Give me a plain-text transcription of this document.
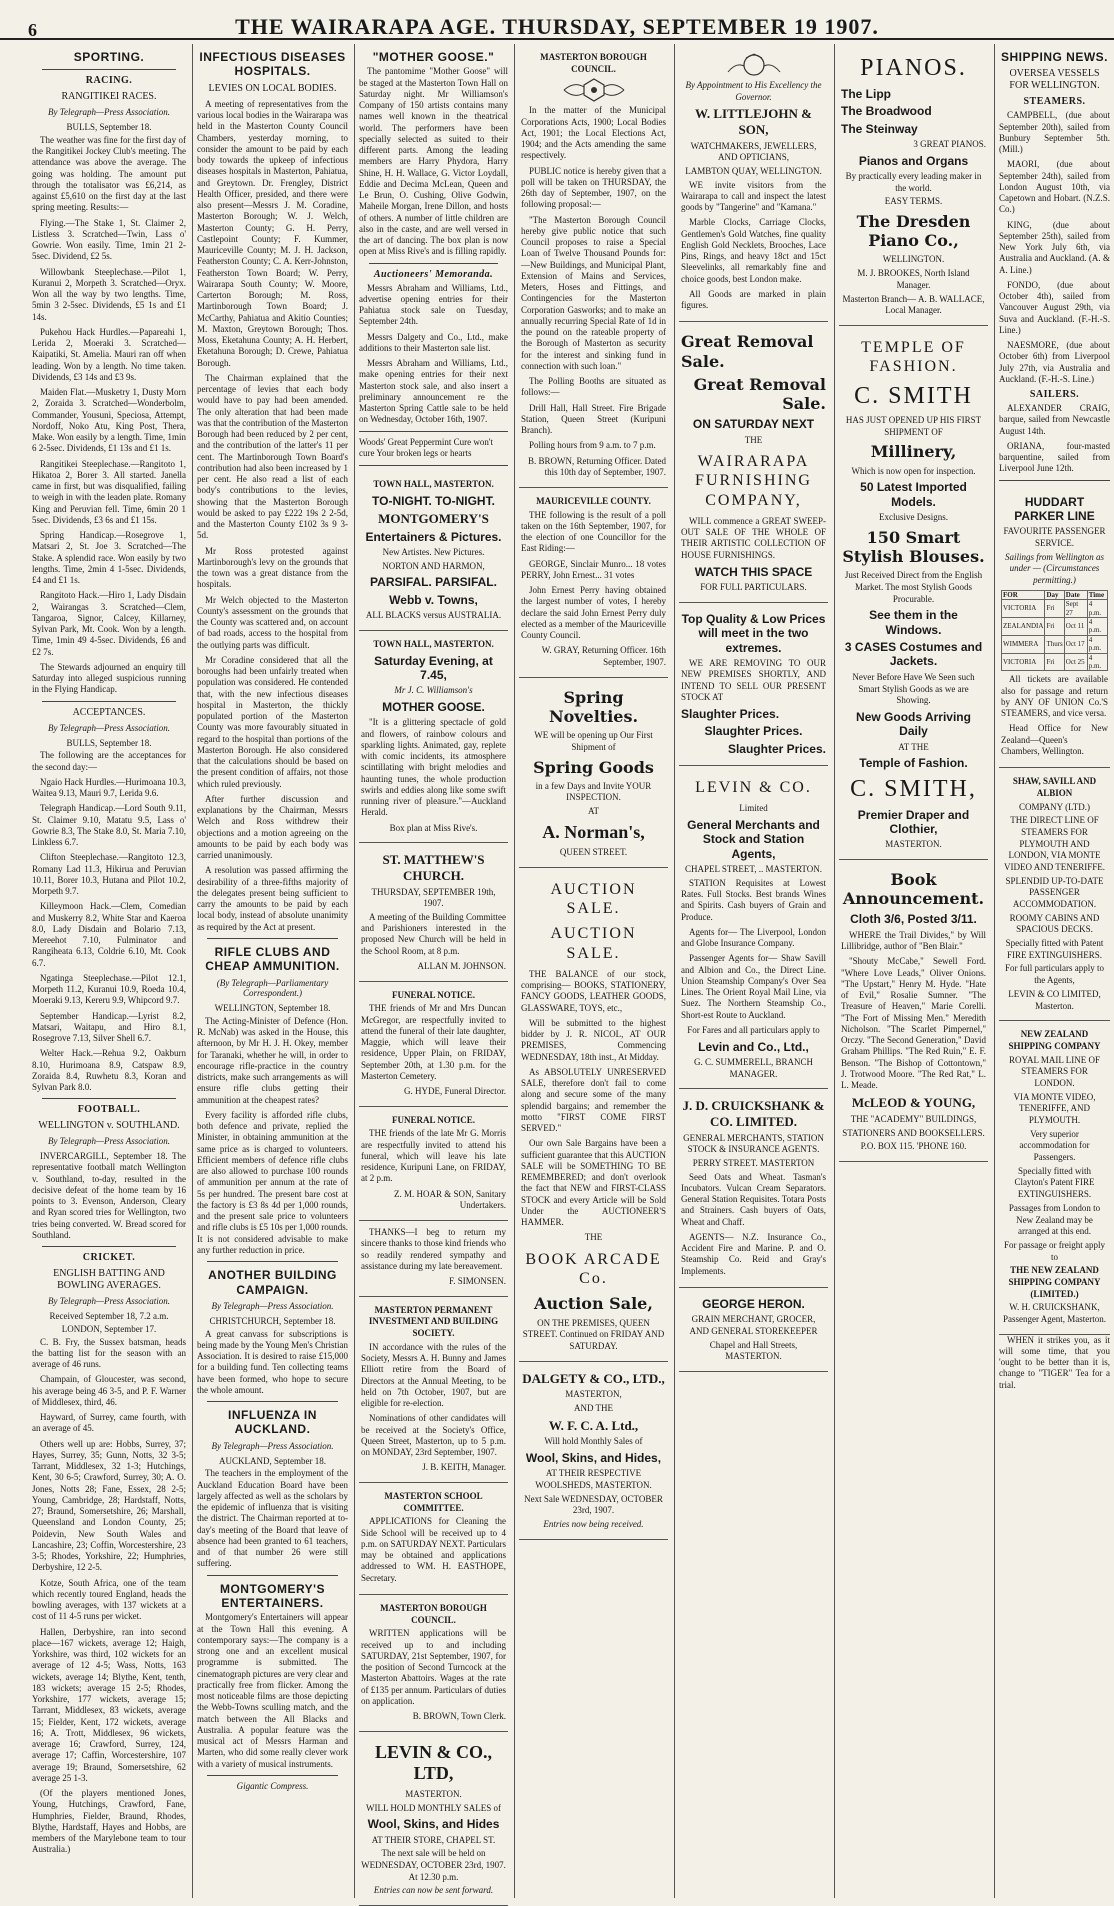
6	THE WAIRARAPA AGE. THURSDAY, SEPTEMBER 19 1907.
SPORTING.
RACING.
RANGITIKEI RACES.
By Telegraph—Press Association.
BULLS, September 18.

The weather was fine for the first day of the Rangitikei Jockey Club's meeting. The attendance was above the average. The going was holding. The amount put through the totalisator was £6,214, as against £5,610 on the first day at the last spring meeting. Results:—

Flying.—The Stake 1, St. Claimer 2, Listless 3. Scratched—Twin, Lass o' Gowrie. Won easily. Time, 1min 21 2-5sec. Dividend, £2 5s.

Willowbank Steeplechase.—Pilot 1, Kuranui 2, Morpeth 3. Scratched—Oryx. Won all the way by two lengths. Time, 5min 3 2-5sec. Dividends, £5 1s and £1 14s.

Pukehou Hack Hurdles.—Papareahi 1, Lerida 2, Moeraki 3. Scratched—Kaipatiki, St. Amelia. Mauri ran off when leading. Won by a length. No time taken. Dividends, £3 14s and £3 9s.

Maiden Flat.—Musketry 1, Dusty Morn 2, Zoraida 3. Scratched—Wonderbolm, Commander, Yousuni, Speciosa, Attempt, Nordoff, Noko Atu, King Post, Thera, Make. Won easily by a length. Time, 1min 6 2-5sec. Dividends, £1 13s and £1 1s.

Rangitikei Steeplechase.—Rangitoto 1, Hikatoa 2, Borer 3. All started. Janella came in first, but was disqualified, failing to weigh in with the leaden plate. Romany King and Peruvian fell. Time, 6min 20 1 5sec. Dividends, £3 6s and £1 15s.

Spring Handicap.—Rosegrove 1, Matsari 2, St. Joe 3. Scratched—The Stake. A splendid race. Won easily by two lengths. Time, 2min 4 1-5sec. Dividends, £4 and £1 1s.

Rangitoto Hack.—Hiro 1, Lady Disdain 2, Wairangas 3. Scratched—Clem, Tangaroa, Signor, Calcey, Killarney, Sylvan Park, Mt. Cook. Won by a length. Time, 1min 49 4-5sec. Dividends, £6 and £2 7s.

The Stewards adjourned an enquiry till Saturday into alleged suspicious running in the Flying Handicap.

ACCEPTANCES.
By Telegraph—Press Association.
BULLS, September 18.

The following are the acceptances for the second day:—

Ngaio Hack Hurdles.—Hurimoana 10.3, Waitea 9.13, Mauri 9.7, Lerida 9.6.

Telegraph Handicap.—Lord South 9.11, St. Claimer 9.10, Matatu 9.5, Lass o' Gowrie 8.3, The Stake 8.0, St. Maria 7.10, Linkless 6.7.

Clifton Steeplechase.—Rangitoto 12.3, Romany Lad 11.3, Hikirua and Peruvian 10.11, Borer 10.3, Hutana and Pilot 10.2, Morpeth 9.7.

Killeymoon Hack.—Clem, Comedian and Muskerry 8.2, White Star and Kaeroa 8.0, Lady Disdain and Bolario 7.13, Mereehot 7.10, Fulminator and Rangiheata 6.13, Coldrie 6.10, Mt. Cook 6.7.

Ngatinga Steeplechase.—Pilot 12.1, Morpeth 11.2, Kuranui 10.9, Roeda 10.4, Moeraki 9.13, Kereru 9.9, Whipcord 9.7.

September Handicap.—Lyrist 8.2, Matsari, Waitapu, and Hiro 8.1, Rosegrove 7.13, Silver Shell 6.7.

Welter Hack.—Rehua 9.2, Oakburn 8.10, Hurimoana 8.9, Catspaw 8.9, Zoraida 8.4, Ruwhetu 8.3, Koran and Sylvan Park 8.0.

FOOTBALL.
WELLINGTON v. SOUTHLAND.
By Telegraph—Press Association.

INVERCARGILL, September 18. The representative football match Wellington v. Southland, to-day, resulted in the decisive defeat of the home team by 16 points to 3. Evenson, Anderson, Cleary and Ryan scored tries for Wellington, two tries being converted. W. Bread scored for Southland.

CRICKET.
ENGLISH BATTING AND BOWLING AVERAGES.
By Telegraph—Press Association.
Received September 18, 7.2 a.m.
LONDON, September 17.

C. B. Fry, the Sussex batsman, heads the batting list for the season with an average of 46 runs.

Champain, of Gloucester, was second, his average being 46 3-5, and P. F. Warner of Middlesex, third, 46.

Hayward, of Surrey, came fourth, with an average of 45.

Others well up are: Hobbs, Surrey, 37; Hayes, Surrey, 35; Gunn, Notts, 32 3-5; Tarrant, Middlesex, 32 1-3; Hutchings, Kent, 30 6-5; Crawford, Surrey, 30; A. O. Jones, Notts 28; Fane, Essex, 28 2-5; Young, Cambridge, 28; Hardstaff, Notts, 27; Braund, Somersetshire, 26; Marshall, Queensland and London County, 25; Poidevin, New South Wales and Lancashire, 23; Coffin, Worcestershire, 23 3-5; Rhodes, Yorkshire, 22; Humphries, Derbyshire, 12 2-5.

Kotze, South Africa, one of the team which recently toured England, heads the bowling averages, with 137 wickets at a cost of 11 4-5 runs per wicket.

Hallen, Derbyshire, ran into second place—167 wickets, average 12; Haigh, Yorkshire, was third, 102 wickets for an average of 12 4-5; Wass, Notts, 163 wickets, average 14; Blythe, Kent, tenth, 183 wickets; average 15 2-5; Rhodes, Yorkshire, 177 wickets, average 15; Tarrant, Middlesex, 83 wickets, average 15; Fielder, Kent, 172 wickets, average 16; A. Trott, Middlesex, 96 wickets, average 16; Crawford, Surrey, 124, average 17; Caffin, Worcestershire, 107 average 19; Braund, Somersetshire, 62 average 25 1-3.

(Of the players mentioned Jones, Young, Hutchings, Crawford, Fane, Humphries, Fielder, Braund, Rhodes, Blythe, Hardstaff, Hayes and Hobbs, are members of the Marylebone team to tour Australia.)

INFECTIOUS DISEASES HOSPITALS.
LEVIES ON LOCAL BODIES.

A meeting of representatives from the various local bodies in the Wairarapa was held in the Masterton County Council Chambers, yesterday morning, to consider the amount to be paid by each body towards the upkeep of infectious diseases hospitals in Masterton, Pahiatua, and Greytown. Dr. Frengley, District Health Officer, presided, and there were also present—Messrs J. M. Coradine, Masterton Borough; W. J. Welch, Masterton County; G. H. Perry, Castlepoint County; F. Kummer, Mauriceville County; M. J. H. Jackson, Featherston County; C. A. Kerr-Johnston, Featherston Town Board; W. Perry, Wairarapa South County; W. Moore, Carterton Borough; M. Ross, Martinborough Town Board; J. McCarthy, Pahiatua and Akitio Counties; M. Maxton, Greytown Borough; Thos. Moss, Eketahuna County; A. H. Herbert, Eketahuna Borough; D. Crewe, Pahiatua Borough.

The Chairman explained that the percentage of levies that each body would have to pay had been amended. The only alteration that had been made was that the contribution of the Masterton Borough had been reduced by 2 per cent, and the contribution of the latter's 11 per cent. The Martinborough Town Board's contribution had also been increased by 1 per cent. He also read a list of each body's contributions to the levies, showing that the Masterton Borough would be asked to pay £222 19s 2 2-5d, and the Masterton County £102 3s 9 3-5d.

Mr Ross protested against Martinborough's levy on the grounds that the town was a great distance from the hospitals.

Mr Welch objected to the Masterton County's assessment on the grounds that the County was scattered and, on account of bad roads, access to the hospital from the outlying parts was difficult.

Mr Coradine considered that all the boroughs had been unfairly treated when population was considered. He contended that, with the new infectious diseases hospital in Masterton, the thickly populated portion of the Masterton County was more favourably situated in regard to the hospital than portions of the Masterton Borough. He also considered that the calculations should be based on the present condition of affairs, not those which ruled previously.

After further discussion and explanations by the Chairman, Messrs Welch and Ross withdrew their objections and a motion agreeing on the amounts to be paid by each body was carried unanimously.

A resolution was passed affirming the desirability of a three-fifths majority of the delegates present being sufficient to carry the amounts to be paid by each local body, instead of absolute unanimity as required by the Act at present.

RIFLE CLUBS AND CHEAP AMMUNITION.
(By Telegraph—Parliamentary Correspondent.)
WELLINGTON, September 18.

The Acting-Minister of Defence (Hon. R. McNab) was asked in the House, this afternoon, by Mr H. J. H. Okey, member for Taranaki, whether he will, in order to encourage rifle-practice in the country districts, make such arrangements as will ensure rifle clubs getting their ammunition at the cheapest rates?

Every facility is afforded rifle clubs, both defence and private, replied the Minister, in obtaining ammunition at the same price as is charged to volunteers. Efficient members of defence rifle clubs are also allowed to purchase 100 rounds of ammunition per annum at the rate of 5s per hundred. The present bare cost at the factory is £3 8s 4d per 1,000 rounds, and the present sale price to volunteers and rifle clubs is £5 10s per 1,000 rounds. It is not considered advisable to make any further reduction in price.

ANOTHER BUILDING CAMPAIGN.
By Telegraph—Press Association.
CHRISTCHURCH, September 18.

A great canvass for subscriptions is being made by the Young Men's Christian Association. It is desired to raise £15,000 for a building fund. Ten collecting teams have been formed, who hope to secure the whole amount.

INFLUENZA IN AUCKLAND.
By Telegraph—Press Association.
AUCKLAND, September 18.

The teachers in the employment of the Auckland Education Board have been largely affected as well as the scholars by the epidemic of influenza that is visiting the district. The Chairman reported at to-day's meeting of the Board that leave of absence had been granted to 61 teachers, and of that number 26 were still suffering.

MONTGOMERY'S ENTERTAINERS.

Montgomery's Entertainers will appear at the Town Hall this evening. A contemporary says:—The company is a strong one and an excellent musical programme is submitted. The cinematograph pictures are very clear and practically free from flicker. Among the most noticeable films are those depicting the Webb-Towns sculling match, and the match between the All Blacks and Australia. A popular feature was the musical act of Messrs Harman and Marten, who did some really clever work with a variety of musical instruments.

Gigantic Compress.
"MOTHER GOOSE."

The pantomime "Mother Goose" will be staged at the Masterton Town Hall on Saturday night. Mr Williamson's Company of 150 artists contains many names well known in the theatrical world. The performers have been specially selected as suited to their different parts. Among the leading members are Harry Phydora, Harry Shine, H. H. Wallace, G. Victor Loydall, Eddie and Decima McLean, Queen and Le Brun, O. Cushing, Olive Godwin, Maheile Morgan, Irene Dillon, and hosts of others. A number of little children are also in the caste, and are well versed in the art of dancing. The box plan is now open at Miss Rive's and is filling rapidly.

Auctioneers' Memoranda.

Messrs Abraham and Williams, Ltd., advertise opening entries for their Pahiatua stock sale on Tuesday, September 24th.

Messrs Dalgety and Co., Ltd., make additions to their Masterton sale list.

Messrs Abraham and Williams, Ltd., make opening entries for their next Masterton stock sale, and also insert a preliminary announcement re the Masterton Spring Cattle sale to be held on Wednesday, October 16th, 1907.

Woods' Great Peppermint Cure won't cure Your broken legs or hearts
TOWN HALL, MASTERTON.
TO-NIGHT. TO-NIGHT.
MONTGOMERY'S
Entertainers & Pictures.
New Artistes. New Pictures.
NORTON AND HARMON,
PARSIFAL. PARSIFAL.
Webb v. Towns,
ALL BLACKS versus AUSTRALIA.
TOWN HALL, MASTERTON.
Saturday Evening, at 7.45,
Mr J. C. Williamson's
MOTHER GOOSE.

"It is a glittering spectacle of gold and flowers, of rainbow colours and sparkling lights. Animated, gay, replete with comic incidents, its atmosphere scintillating with bright melodies and haunting tunes, the whole production swirls and eddies along like some swift running river of pleasure."—Auckland Herald.

Box plan at Miss Rive's.
ST. MATTHEW'S CHURCH.
THURSDAY, SEPTEMBER 19th, 1907.

A meeting of the Building Committee and Parishioners interested in the proposed New Church will be held in the School Room, at 8 p.m.

ALLAN M. JOHNSON.
FUNERAL NOTICE.

THE friends of Mr and Mrs Duncan McGregor, are respectfully invited to attend the funeral of their late daughter, Maggie, which will leave their residence, Upper Plain, on FRIDAY, September 20th, at 1.30 p.m. for the Masterton Cemetery.

G. HYDE, Funeral Director.
FUNERAL NOTICE.

THE friends of the late Mr G. Morris are respectfully invited to attend his funeral, which will leave his late residence, Kuripuni Lane, on FRIDAY, at 2 p.m.

Z. M. HOAR & SON, Sanitary Undertakers.

THANKS—I beg to return my sincere thanks to those kind friends who so readily rendered sympathy and assistance during my late bereavement.

F. SIMONSEN.
MASTERTON PERMANENT INVESTMENT AND BUILDING SOCIETY.

IN accordance with the rules of the Society, Messrs A. H. Bunny and James Elliott retire from the Board of Directors at the Annual Meeting, to be held on 7th October, 1907, but are eligible for re-election.

Nominations of other candidates will be received at the Society's Office, Queen Street, Masterton, up to 5 p.m. on MONDAY, 23rd September, 1907.

J. B. KEITH, Manager.
MASTERTON SCHOOL COMMITTEE.

APPLICATIONS for Cleaning the Side School will be received up to 4 p.m. on SATURDAY NEXT. Particulars may be obtained and applications addressed to WM. H. EASTHOPE, Secretary.

MASTERTON BOROUGH COUNCIL.

WRITTEN applications will be received up to and including SATURDAY, 21st September, 1907, for the position of Second Turncock at the Masterton Abattoirs. Wages at the rate of £135 per annum. Particulars of duties on application.

B. BROWN, Town Clerk.
LEVIN & CO., LTD,
MASTERTON.
WILL HOLD MONTHLY SALES of
Wool, Skins, and Hides
AT THEIR STORE, CHAPEL ST.
The next sale will be held on WEDNESDAY, OCTOBER 23rd, 1907. At 12.30 p.m.
Entries can now be sent forward.
MASTERTON BOROUGH COUNCIL.

In the matter of the Municipal Corporations Acts, 1900; Local Bodies Act, 1901; the Local Elections Act, 1904; and the Acts amending the same respectively.

PUBLIC notice is hereby given that a poll will be taken on THURSDAY, the 26th day of September, 1907, on the following proposal:—

"The Masterton Borough Council hereby give public notice that such Council proposes to raise a Special Loan of Twelve Thousand Pounds for:—New Buildings, and Municipal Plant, Extension of Mains and Services, Meters, Hoses and Fittings, and Contingencies for the Masterton Corporation Gasworks; and to make an annually recurring Special Rate of 1d in the pound on the rateable property of the Borough of Masterton as security for the interest and sinking fund in connection with such loan."

The Polling Booths are situated as follows:—

Drill Hall, Hall Street. Fire Brigade Station, Queen Street (Kuripuni Branch).

Polling hours from 9 a.m. to 7 p.m.

B. BROWN, Returning Officer. Dated this 10th day of September, 1907.
MAURICEVILLE COUNTY.

THE following is the result of a poll taken on the 16th September, 1907, for the election of one Councillor for the East Riding:—

GEORGE, Sinclair Munro... 18 votes PERRY, John Ernest... 31 votes

John Ernest Perry having obtained the largest number of votes, I hereby declare the said John Ernest Perry duly elected as a member of the Mauriceville County Council.

W. GRAY, Returning Officer. 16th September, 1907.
Spring Novelties.
WE will be opening up Our First Shipment of
Spring Goods
in a few Days and Invite YOUR INSPECTION.
AT
A. Norman's,
QUEEN STREET.
AUCTION SALE.
AUCTION SALE.

THE BALANCE of our stock, comprising— BOOKS, STATIONERY, FANCY GOODS, LEATHER GOODS, GLASSWARE, TOYS, etc.,

Will be submitted to the highest bidder by J. R. NICOL, AT OUR PREMISES, Commencing WEDNESDAY, 18th inst., At Midday.

As ABSOLUTELY UNRESERVED SALE, therefore don't fail to come along and secure some of the many splendid bargains; and remember the motto "FIRST COME FIRST SERVED."

Our own Sale Bargains have been a sufficient guarantee that this AUCTION SALE will be SOMETHING TO BE REMEMBERED; and don't overlook the fact that NEW and FIRST-CLASS STOCK and every Article will be Sold Under the AUCTIONEER'S HAMMER.

THE
BOOK ARCADE Co.
Auction Sale,
ON THE PREMISES, QUEEN STREET. Continued on FRIDAY AND SATURDAY.
DALGETY & CO., LTD.,
MASTERTON,
AND THE
W. F. C. A. Ltd.,
Will hold Monthly Sales of
Wool, Skins, and Hides,
AT THEIR RESPECTIVE WOOLSHEDS, MASTERTON.
Next Sale WEDNESDAY, OCTOBER 23rd, 1907.
Entries now being received.
By Appointment to His Excellency the Governor.
W. LITTLEJOHN & SON,
WATCHMAKERS, JEWELLERS, AND OPTICIANS,
LAMBTON QUAY, WELLINGTON.

WE invite visitors from the Wairarapa to call and inspect the latest goods by "Tangerine" and "Kamana."

Marble Clocks, Carriage Clocks, Gentlemen's Gold Watches, fine quality English Gold Necklets, Brooches, Lace Pins, Rings, and heavy 18ct and 15ct Sleevelinks, all remarkably fine and choice goods, best London make.

All Goods are marked in plain figures.

Great Removal Sale.
Great Removal Sale.
ON SATURDAY NEXT
THE
WAIRARAPA FURNISHING COMPANY,

WILL commence a GREAT SWEEP-OUT SALE OF THE WHOLE OF THEIR ARTISTIC COLLECTION OF HOUSE FURNISHINGS.

WATCH THIS SPACE
FOR FULL PARTICULARS.
Top Quality & Low Prices will meet in the two extremes.

WE ARE REMOVING TO OUR NEW PREMISES SHORTLY, AND INTEND TO SELL OUR PRESENT STOCK AT

Slaughter Prices.
Slaughter Prices.
Slaughter Prices.
LEVIN & CO.
Limited
General Merchants and Stock and Station Agents,
CHAPEL STREET, .. MASTERTON.

STATION Requisites at Lowest Rates. Full Stocks. Best brands Wines and Spirits. Cash buyers of Grain and Produce.

Agents for— The Liverpool, London and Globe Insurance Company.

Passenger Agents for— Shaw Savill and Albion and Co., the Direct Line. Union Steamship Company's Over Sea Lines. The Orient Royal Mail Line, via Suez. The Northern Steamship Co., Short-est Route to Auckland.

For Fares and all particulars apply to
Levin and Co., Ltd.,
G. C. SUMMERELL, BRANCH MANAGER.
J. D. CRUICKSHANK & CO. LIMITED.
GENERAL MERCHANTS, STATION STOCK & INSURANCE AGENTS.
PERRY STREET. MASTERTON

Seed Oats and Wheat. Tasman's Incubators. Vulcan Cream Separators. General Station Requisites. Totara Posts and Strainers. Cash buyers of Oats, Wheat and Chaff.

AGENTS— N.Z. Insurance Co., Accident Fire and Marine. P. and O. Steamship Co. Reid and Gray's Implements.

GEORGE HERON.
GRAIN MERCHANT, GROCER, AND GENERAL STOREKEEPER
Chapel and Hall Streets, MASTERTON.
PIANOS.
The Lipp
The Broadwood
The Steinway
3 GREAT PIANOS.
Pianos and Organs
By practically every leading maker in the world.
EASY TERMS.
The Dresden Piano Co.,
WELLINGTON.
M. J. BROOKES, North Island Manager.
Masterton Branch— A. B. WALLACE, Local Manager.
TEMPLE OF FASHION.
C. SMITH
HAS JUST OPENED UP HIS FIRST SHIPMENT OF
Millinery,
Which is now open for inspection.
50 Latest Imported Models.
Exclusive Designs.
150 Smart Stylish Blouses.
Just Received Direct from the English Market. The most Stylish Goods Procurable.
See them in the Windows.
3 CASES Costumes and Jackets.
Never Before Have We Seen such Smart Stylish Goods as we are Showing.
New Goods Arriving Daily
AT THE
Temple of Fashion.
C. SMITH,
Premier Draper and Clothier,
MASTERTON.
Book Announcement.
Cloth 3/6, Posted 3/11.

WHERE the Trail Divides," by Will Lillibridge, author of "Ben Blair."

"Shouty McCabe," Sewell Ford. "Where Love Leads," Oliver Onions. "The Upstart," Henry M. Hyde. "Hate of Evil," Rosalie Sumner. "The Treasure of Heaven," Marie Corelli. "The Fort of Missing Men." Meredith Nicholson. "The Scarlet Pimpernel," Orczy. "The Second Generation," David Graham Phillips. "The Red Ruin," E. F. Benson. "The Bishop of Cottontown," J. Trotwood Moore. "The Red Rat," L. L. Meade.

McLEOD & YOUNG,
THE "ACADEMY" BUILDINGS,
STATIONERS AND BOOKSELLERS.
P.O. BOX 115. 'PHONE 160.
SHIPPING NEWS.
OVERSEA VESSELS FOR WELLINGTON.
STEAMERS.

CAMPBELL, (due about September 20th), sailed from Bunbury September 5th. (Mill.)

MAORI, (due about September 24th), sailed from London August 10th, via Capetown and Hobart. (N.Z.S. Co.)

KING, (due about September 25th), sailed from New York July 6th, via Australia and Auckland. (A. & A. Line.)

FONDO, (due about October 4th), sailed from Vancouver August 29th, via Suva and Auckland. (F.-H.-S. Line.)

NAESMORE, (due about October 6th) from Liverpool July 27th, via Australia and Auckland. (F.-H.-S. Line.)

SAILERS.

ALEXANDER CRAIG, barque, sailed from Newcastle August 14th.

ORIANA, four-masted barquentine, sailed from Liverpool June 12th.

HUDDART PARKER LINE
FAVOURITE PASSENGER SERVICE.
Sailings from Wellington as under — (Circumstances permitting.)
FOR	Day	Date	Time
VICTORIA	Fri	Sept 27	4 p.m.
ZEALANDIA	Fri	Oct 11	4 p.m.
WIMMERA	Thurs	Oct 17	4 p.m.
VICTORIA	Fri	Oct 25	4 p.m.

All tickets are available also for passage and return by ANY OF UNION Co.'S STEAMERS, and vice versa.

Head Office for New Zealand—Queen's Chambers, Wellington.

SHAW, SAVILL AND ALBION
COMPANY (LTD.)
THE DIRECT LINE OF STEAMERS FOR PLYMOUTH AND LONDON, VIA MONTE VIDEO AND TENERIFFE.
SPLENDID UP-TO-DATE PASSENGER ACCOMMODATION.
ROOMY CABINS AND SPACIOUS DECKS.
Specially fitted with Patent FIRE EXTINGUISHERS.
For full particulars apply to the Agents,
LEVIN & CO LIMITED, Masterton.
NEW ZEALAND SHIPPING COMPANY
ROYAL MAIL LINE OF STEAMERS FOR LONDON.
VIA MONTE VIDEO, TENERIFFE, AND PLYMOUTH.
Very superior accommodation for Passengers.
Specially fitted with Clayton's Patent FIRE EXTINGUISHERS.
Passages from London to New Zealand may be arranged at this end.
For passage or freight apply to
THE NEW ZEALAND SHIPPING COMPANY (LIMITED.)
W. H. CRUICKSHANK, Passenger Agent, Masterton.

WHEN it strikes you, as it will some time, that you 'ought to be better than it is, change to "TIGER" Tea for a trial.
